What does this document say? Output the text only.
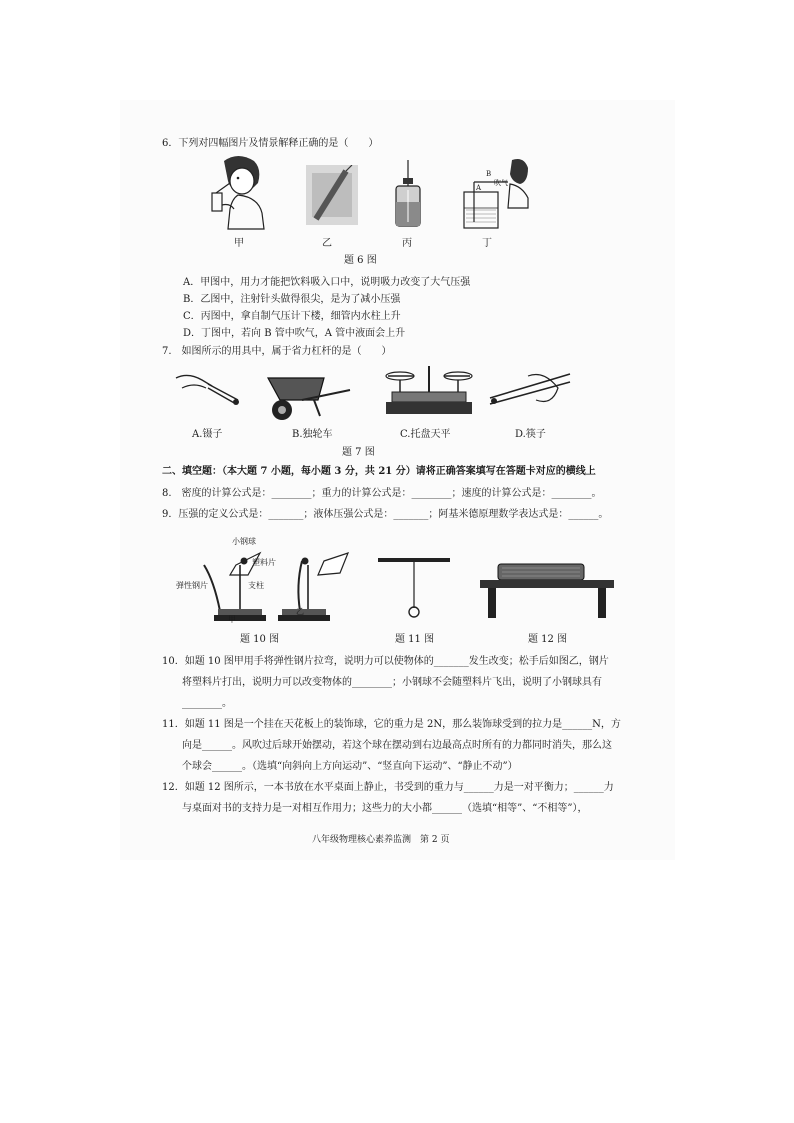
6．下列对四幅图片及情景解释正确的是（　　）
甲	乙	丙
B
A
吹气
丁
题 6 图
A．甲图中，用力才能把饮料吸入口中，说明吸力改变了大气压强
B．乙图中，注射针头做得很尖，是为了减小压强
C．丙图中，拿自制气压计下楼，细管内水柱上升
D．丁图中，若向 B 管中吹气，A 管中液面会上升
7.　如图所示的用具中，属于省力杠杆的是（　　）
A.镊子	B.独轮车	C.托盘天平	D.筷子
题 7 图
二、填空题：（本大题 7 小题，每小题 3 分，共 21 分）请将正确答案填写在答题卡对应的横线上
8.　密度的计算公式是：________；重力的计算公式是：________；速度的计算公式是：________。
9．压强的定义公式是：_______；液体压强公式是：_______；阿基米德原理数学表达式是：______。
小钢球
塑料片
弹性钢片	支柱
甲
乙
题 10 图	题 11 图	题 12 图
10．如题 10 图甲用手将弹性钢片拉弯，说明力可以使物体的_______发生改变；松手后如图乙，钢片
将塑料片打出，说明力可以改变物体的________；小钢球不会随塑料片飞出，说明了小钢球具有
________。
11．如题 11 图是一个挂在天花板上的装饰球，它的重力是 2N，那么装饰球受到的拉力是______N，方
向是______。风吹过后球开始摆动，若这个球在摆动到右边最高点时所有的力都同时消失，那么这
个球会______。（选填“向斜向上方向运动”、“竖直向下运动”、“静止不动”）
12．如题 12 图所示，一本书放在水平桌面上静止，书受到的重力与______力是一对平衡力；______力
与桌面对书的支持力是一对相互作用力；这些力的大小都______（选填“相等”、“不相等”），
八年级物理核心素养监测　第 2 页
